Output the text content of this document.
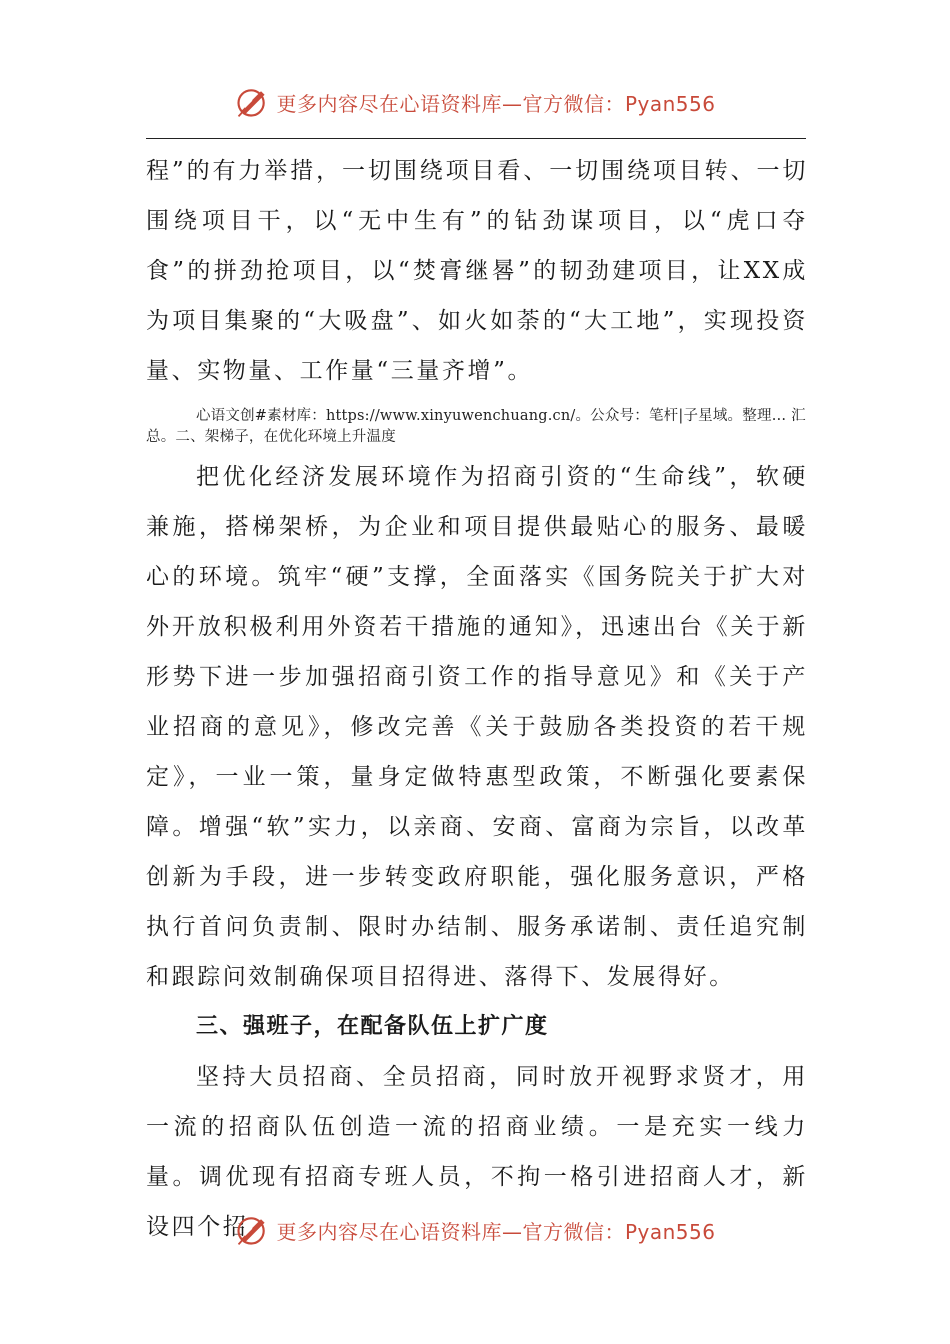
更多内容尽在心语资料库—官方微信：Pyan556

程”的有力举措，一切围绕项目看、一切围绕项目转、一切围绕项目干，以“无中生有”的钻劲谋项目，以“虎口夺食”的拼劲抢项目，以“焚膏继晷”的韧劲建项目，让XX成为项目集聚的“大吸盘”、如火如荼的“大工地”，实现投资量、实物量、工作量“三量齐增”。

心语文创#素材库：https://www.xinyuwenchuang.cn/。公众号：笔杆|子星域。整理… 汇总。二、架梯子，在优化环境上升温度

把优化经济发展环境作为招商引资的“生命线”，软硬兼施，搭梯架桥，为企业和项目提供最贴心的服务、最暖心的环境。筑牢“硬”支撑，全面落实《国务院关于扩大对外开放积极利用外资若干措施的通知》，迅速出台《关于新形势下进一步加强招商引资工作的指导意见》和《关于产业招商的意见》，修改完善《关于鼓励各类投资的若干规定》，一业一策，量身定做特惠型政策，不断强化要素保障。增强“软”实力，以亲商、安商、富商为宗旨，以改革创新为手段，进一步转变政府职能，强化服务意识，严格执行首问负责制、限时办结制、服务承诺制、责任追究制和跟踪问效制确保项目招得进、落得下、发展得好。

三、强班子，在配备队伍上扩广度

坚持大员招商、全员招商，同时放开视野求贤才，用一流的招商队伍创造一流的招商业绩。一是充实一线力量。调优现有招商专班人员，不拘一格引进招商人才，新设四个招	更多内容尽在心语资料库—官方微信：Pyan556
